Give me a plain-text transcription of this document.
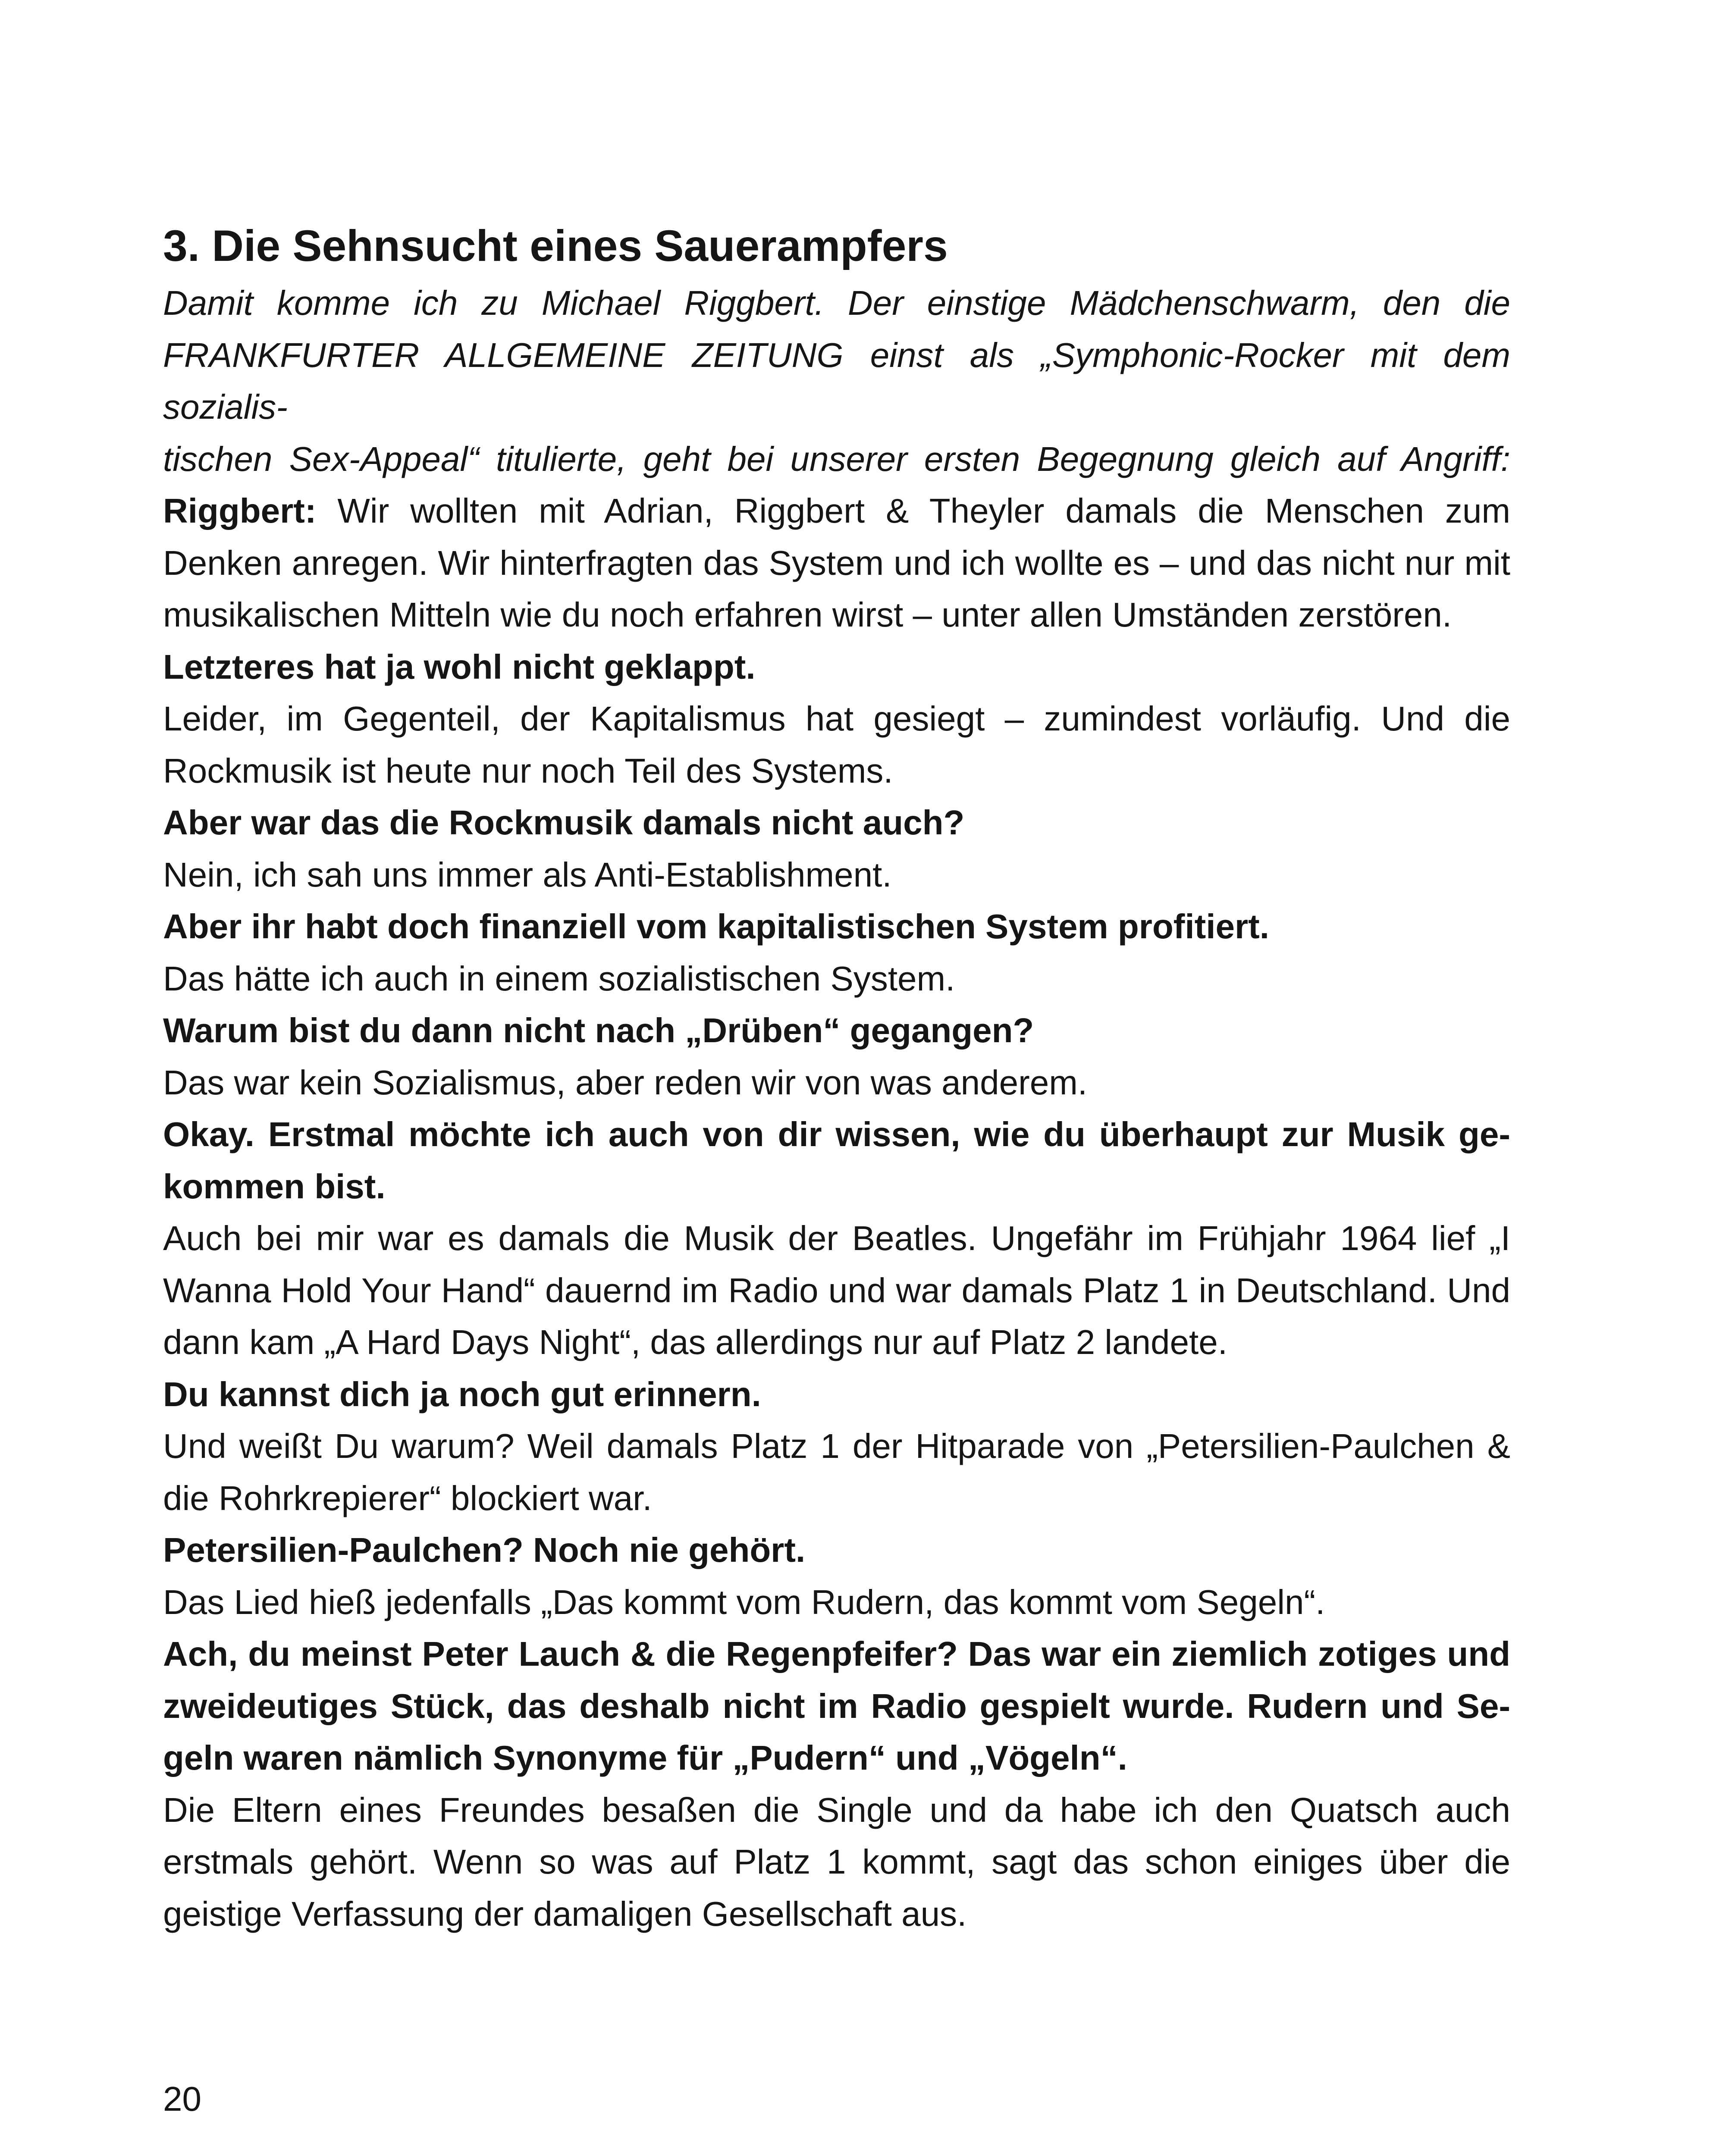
3. Die Sehnsucht eines Sauerampfers

Damit komme ich zu Michael Riggbert. Der einstige Mädchenschwarm, den die

FRANKFURTER ALLGEMEINE ZEITUNG einst als „Symphonic-Rocker mit dem sozialis-

tischen Sex-Appeal“ titulierte, geht bei unserer ersten Begegnung gleich auf Angriff:

Riggbert: Wir wollten mit Adrian, Riggbert & Theyler damals die Menschen zum Denken anregen. Wir hinterfragten das System und ich wollte es – und das nicht nur mit musikalischen Mitteln wie du noch erfahren wirst – unter allen Umständen zerstören.

Letzteres hat ja wohl nicht geklappt.

Leider, im Gegenteil, der Kapitalismus hat gesiegt – zumindest vorläufig. Und die Rockmusik ist heute nur noch Teil des Systems.

Aber war das die Rockmusik damals nicht auch?

Nein, ich sah uns immer als Anti-Establishment.

Aber ihr habt doch finanziell vom kapitalistischen System profitiert.

Das hätte ich auch in einem sozialistischen System.

Warum bist du dann nicht nach „Drüben“ gegangen?

Das war kein Sozialismus, aber reden wir von was anderem.

Okay. Erstmal möchte ich auch von dir wissen, wie du überhaupt zur Musik gekommen bist.

Auch bei mir war es damals die Musik der Beatles. Ungefähr im Frühjahr 1964 lief „I Wanna Hold Your Hand“ dauernd im Radio und war damals Platz 1 in Deutschland. Und dann kam „A Hard Days Night“, das allerdings nur auf Platz 2 landete.

Du kannst dich ja noch gut erinnern.

Und weißt Du warum? Weil damals Platz 1 der Hitparade von „Petersilien-Paulchen & die Rohrkrepierer“ blockiert war.

Petersilien-Paulchen? Noch nie gehört.

Das Lied hieß jedenfalls „Das kommt vom Rudern, das kommt vom Segeln“.

Ach, du meinst Peter Lauch & die Regenpfeifer? Das war ein ziemlich zotiges und zweideutiges Stück, das deshalb nicht im Radio gespielt wurde. Rudern und Segeln waren nämlich Synonyme für „Pudern“ und „Vögeln“.

Die Eltern eines Freundes besaßen die Single und da habe ich den Quatsch auch erstmals gehört. Wenn so was auf Platz 1 kommt, sagt das schon einiges über die geistige Verfassung der damaligen Gesellschaft aus.

20
